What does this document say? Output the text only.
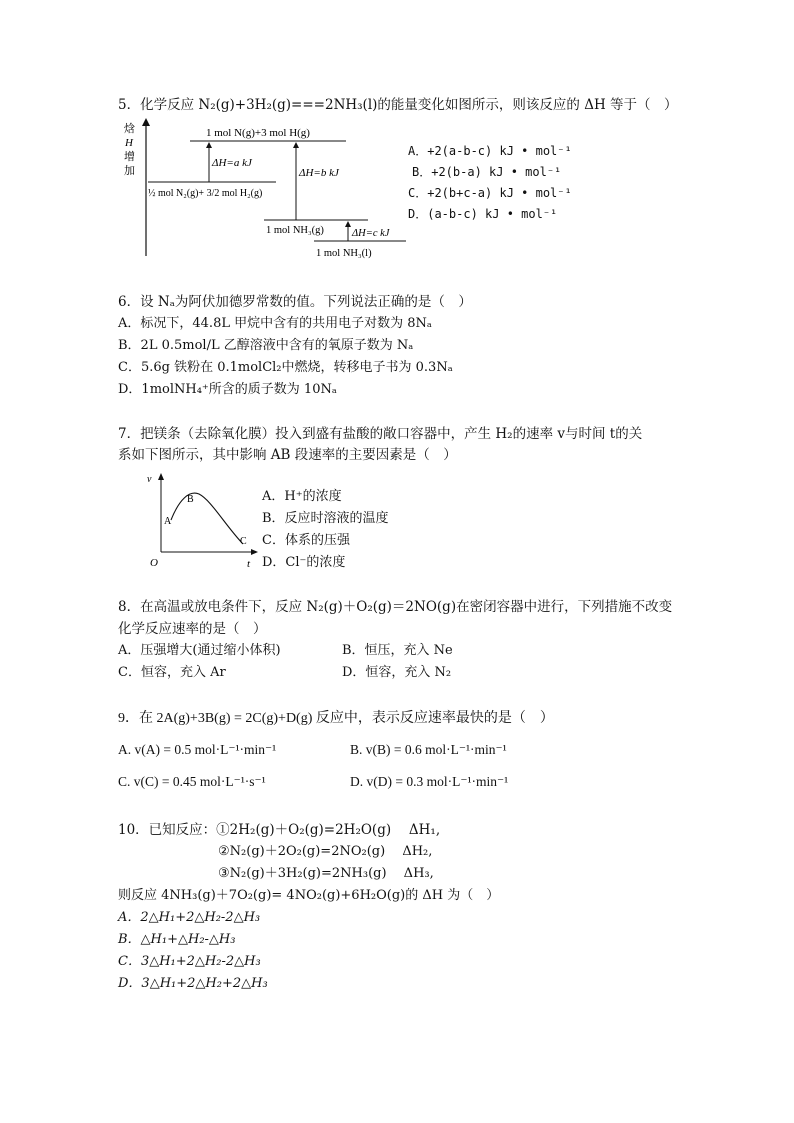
5．化学反应 N₂(g)+3H₂(g)===2NH₃(l)的能量变化如图所示，则该反应的 ΔH 等于（　）
焓
H
增
加
1 mol N(g)+3 mol H(g)
½ mol N₂(g)+ 3/2 mol H₂(g)
1 mol NH₃(g)
1 mol NH₃(l)
ΔH=a kJ
ΔH=b kJ
ΔH=c kJ
A．+2(a-b-c) kJ • mol⁻¹
B．+2(b-a) kJ • mol⁻¹
C．+2(b+c-a) kJ • mol⁻¹
D．(a-b-c) kJ • mol⁻¹
6．设 Nₐ为阿伏加德罗常数的值。下列说法正确的是（　）
A．标况下，44.8L 甲烷中含有的共用电子对数为 8Nₐ
B．2L 0.5mol/L 乙醇溶液中含有的氧原子数为 Nₐ
C．5.6g 铁粉在 0.1molCl₂中燃烧，转移电子书为 0.3Nₐ
D．1molNH₄⁺所含的质子数为 10Nₐ
7．把镁条（去除氧化膜）投入到盛有盐酸的敞口容器中，产生 H₂的速率 v与时间 t的关
系如下图所示，其中影响 AB 段速率的主要因素是（　）
v
t
O
A
B
C
A．H⁺的浓度
B．反应时溶液的温度
C．体系的压强
D．Cl⁻的浓度
8．在高温或放电条件下，反应 N₂(g)＋O₂(g)＝2NO(g)在密闭容器中进行，下列措施不改变
化学反应速率的是（　）
A．压强增大(通过缩小体积)	B．恒压，充入 Ne
C．恒容，充入 Ar	D．恒容，充入 N₂
9．在 2A(g)+3B(g) = 2C(g)+D(g) 反应中，表示反应速率最快的是（　）
A. v(A) = 0.5 mol·L⁻¹·min⁻¹	B. v(B) = 0.6 mol·L⁻¹·min⁻¹
C. v(C) = 0.45 mol·L⁻¹·s⁻¹	D. v(D) = 0.3 mol·L⁻¹·min⁻¹
10．已知反应：①2H₂(g)＋O₂(g)=2H₂O(g)　 ΔH₁,
②N₂(g)＋2O₂(g)=2NO₂(g)　 ΔH₂,
③N₂(g)＋3H₂(g)=2NH₃(g)　 ΔH₃,
则反应 4NH₃(g)＋7O₂(g)= 4NO₂(g)+6H₂O(g)的 ΔH 为（　）
A．2△H₁+2△H₂-2△H₃
B．△H₁+△H₂-△H₃
C．3△H₁+2△H₂-2△H₃
D．3△H₁+2△H₂+2△H₃
